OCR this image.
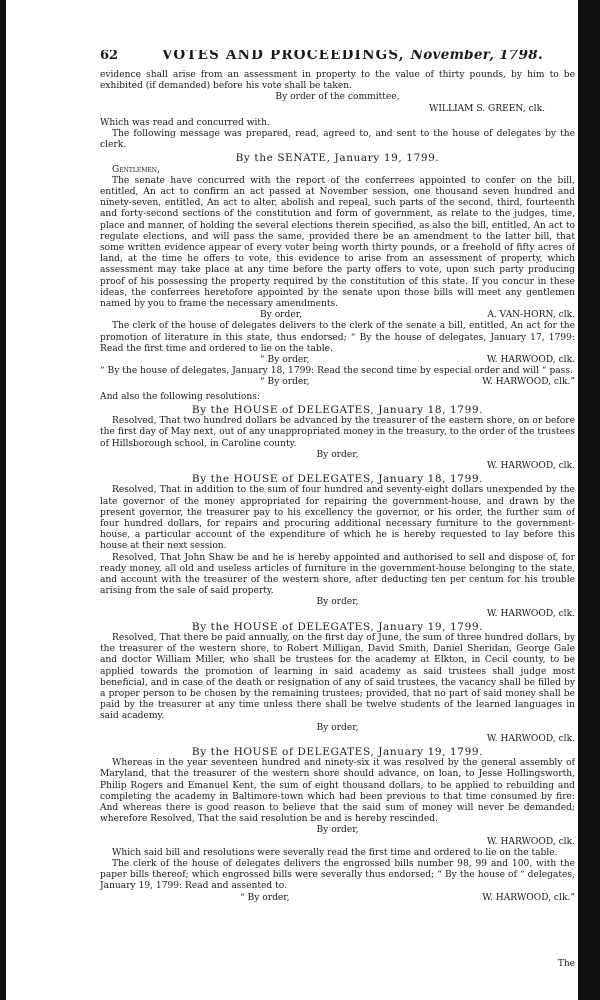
62	VOTES AND PROCEEDINGS, November, 1798.

evidence shall arise from an assessment in property to the value of thirty pounds, by him to be exhibited (if demanded) before his vote shall be taken.

By order of the committee,

WILLIAM S. GREEN, clk.

Which was read and concurred with.

The following message was prepared, read, agreed to, and sent to the house of delegates by the clerk.

By the SENATE, January 19, 1799.

Gentlemen,

The senate have concurred with the report of the conferrees appointed to confer on the bill, entitled, An act to confirm an act passed at November session, one thousand seven hundred and ninety-seven, entitled, An act to alter, abolish and repeal, such parts of the second, third, fourteenth and forty-second sections of the constitution and form of government, as relate to the judges, time, place and manner, of holding the several elections therein specified, as also the bill, entitled, An act to regulate elections, and will pass the same, provided there be an amendment to the latter bill, that some written evidence appear of every voter being worth thirty pounds, or a freehold of fifty acres of land, at the time he offers to vote, this evidence to arise from an assessment of property, which assessment may take place at any time before the party offers to vote, upon such party producing proof of his possessing the property required by the constitution of this state. If you concur in these ideas, the conferrees heretofore appointed by the senate upon those bills will meet any gentlemen named by you to frame the necessary amendments.

By order,	A. VAN-HORN, clk.

The clerk of the house of delegates delivers to the clerk of the senate a bill, entitled, An act for the promotion of literature in this state, thus endorsed; “ By the house of delegates, January 17, 1799: Read the first time and ordered to lie on the table.

“ By order,	W. HARWOOD, clk.

“ By the house of delegates, January 18, 1799: Read the second time by especial order and will “ pass.

“ By order,	W. HARWOOD, clk.”

And also the following resolutions:

By the HOUSE of DELEGATES, January 18, 1799.

Resolved, That two hundred dollars be advanced by the treasurer of the eastern shore, on or before the first day of May next, out of any unappropriated money in the treasury, to the order of the trustees of Hillsborough school, in Caroline county.

By order,

W. HARWOOD, clk.

By the HOUSE of DELEGATES, January 18, 1799.

Resolved, That in addition to the sum of four hundred and seventy-eight dollars unexpended by the late governor of the money appropriated for repairing the government-house, and drawn by the present governor, the treasurer pay to his excellency the governor, or his order, the further sum of four hundred dollars, for repairs and procuring additional necessary furniture to the government-house, a particular account of the expenditure of which he is hereby requested to lay before this house at their next session.

Resolved, That John Shaw be and he is hereby appointed and authorised to sell and dispose of, for ready money, all old and useless articles of furniture in the government-house belonging to the state, and account with the treasurer of the western shore, after deducting ten per centum for his trouble arising from the sale of said property.

By order,

W. HARWOOD, clk.

By the HOUSE of DELEGATES, January 19, 1799.

Resolved, That there be paid annually, on the first day of June, the sum of three hundred dollars, by the treasurer of the western shore, to Robert Milligan, David Smith, Daniel Sheridan, George Gale and doctor William Miller, who shall be trustees for the academy at Elkton, in Cecil county, to be applied towards the promotion of learning in said academy as said trustees shall judge most beneficial, and in case of the death or resignation of any of said trustees, the vacancy shall be filled by a proper person to be chosen by the remaining trustees; provided, that no part of said money shall be paid by the treasurer at any time unless there shall be twelve students of the learned languages in said academy.

By order,

W. HARWOOD, clk.

By the HOUSE of DELEGATES, January 19, 1799.

Whereas in the year seventeen hundred and ninety-six it was resolved by the general assembly of Maryland, that the treasurer of the western shore should advance, on loan, to Jesse Hollingsworth, Philip Rogers and Emanuel Kent, the sum of eight thousand dollars, to be applied to rebuilding and completing the academy in Baltimore-town which had been previous to that time consumed by fire: And whereas there is good reason to believe that the said sum of money will never be demanded; wherefore Resolved, That the said resolution be and is hereby rescinded.

By order,

W. HARWOOD, clk.

Which said bill and resolutions were severally read the first time and ordered to lie on the table.

The clerk of the house of delegates delivers the engrossed bills number 98, 99 and 100, with the paper bills thereof; which engrossed bills were severally thus endorsed; “ By the house of “ delegates, January 19, 1799: Read and assented to.

“ By order,	W. HARWOOD, clk.”
The
